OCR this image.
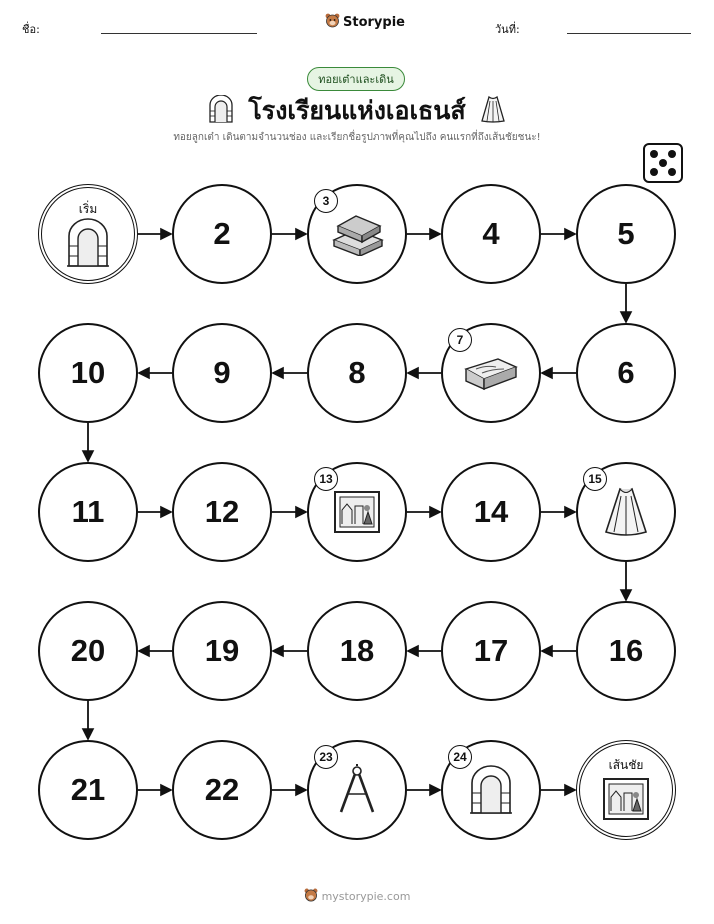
ชื่อ:	Storypie	วันที่:
ทอยเต๋าและเดิน
โรงเรียนแห่งเอเธนส์
ทอยลูกเต๋า เดินตามจำนวนช่อง และเรียกชื่อรูปภาพที่คุณไปถึง คนแรกที่ถึงเส้นชัยชนะ!
เริ่ม
2
3
4	5
6
7
8
9
10
11	12
13
14
15
16
17
18
19
20
21	22
23	24
เส้นชัย
mystorypie.com
